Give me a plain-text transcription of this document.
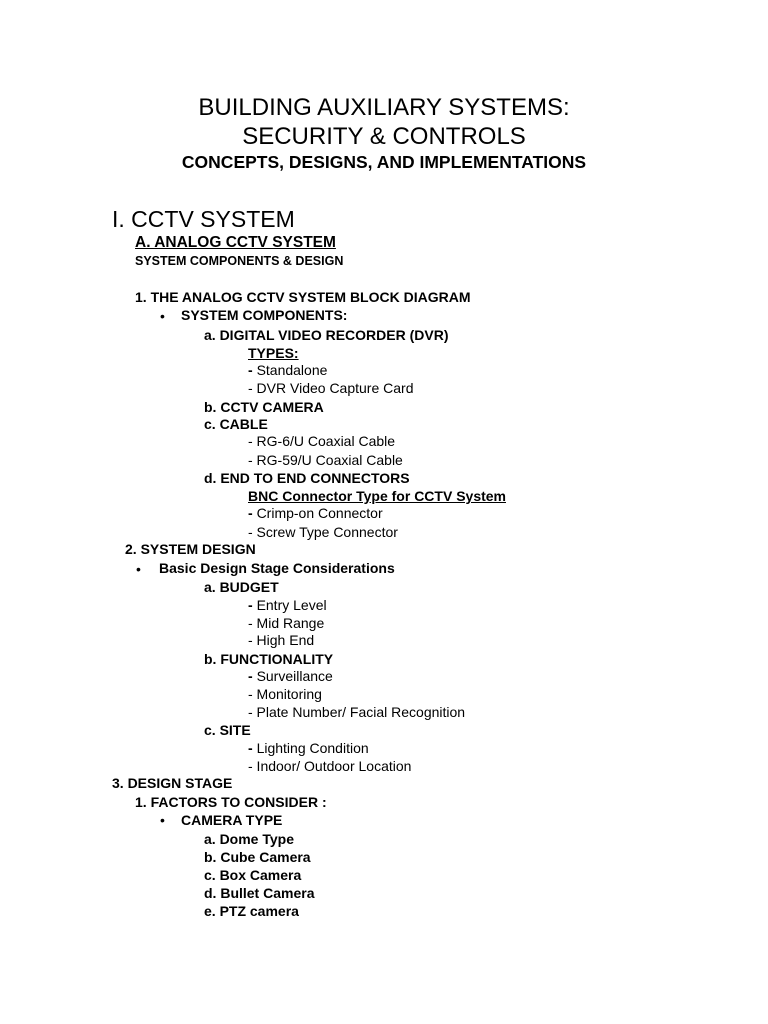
BUILDING AUXILIARY SYSTEMS:
SECURITY & CONTROLS
CONCEPTS, DESIGNS, AND IMPLEMENTATIONS
I. CCTV SYSTEM
A. ANALOG CCTV SYSTEM
SYSTEM COMPONENTS & DESIGN
1. THE ANALOG CCTV SYSTEM BLOCK DIAGRAM
• SYSTEM COMPONENTS:
a. DIGITAL VIDEO RECORDER (DVR)
TYPES:
- Standalone
- DVR Video Capture Card
b. CCTV CAMERA
c. CABLE
- RG-6/U Coaxial Cable
- RG-59/U Coaxial Cable
d. END TO END CONNECTORS
BNC Connector Type for CCTV System
- Crimp-on Connector
- Screw Type Connector
2. SYSTEM DESIGN
• Basic Design Stage Considerations
a. BUDGET
- Entry Level
- Mid Range
- High End
b. FUNCTIONALITY
- Surveillance
- Monitoring
- Plate Number/ Facial Recognition
c. SITE
- Lighting Condition
- Indoor/ Outdoor Location
3. DESIGN STAGE
1. FACTORS TO CONSIDER :
• CAMERA TYPE
a. Dome Type
b. Cube Camera
c. Box Camera
d. Bullet Camera
e. PTZ camera
